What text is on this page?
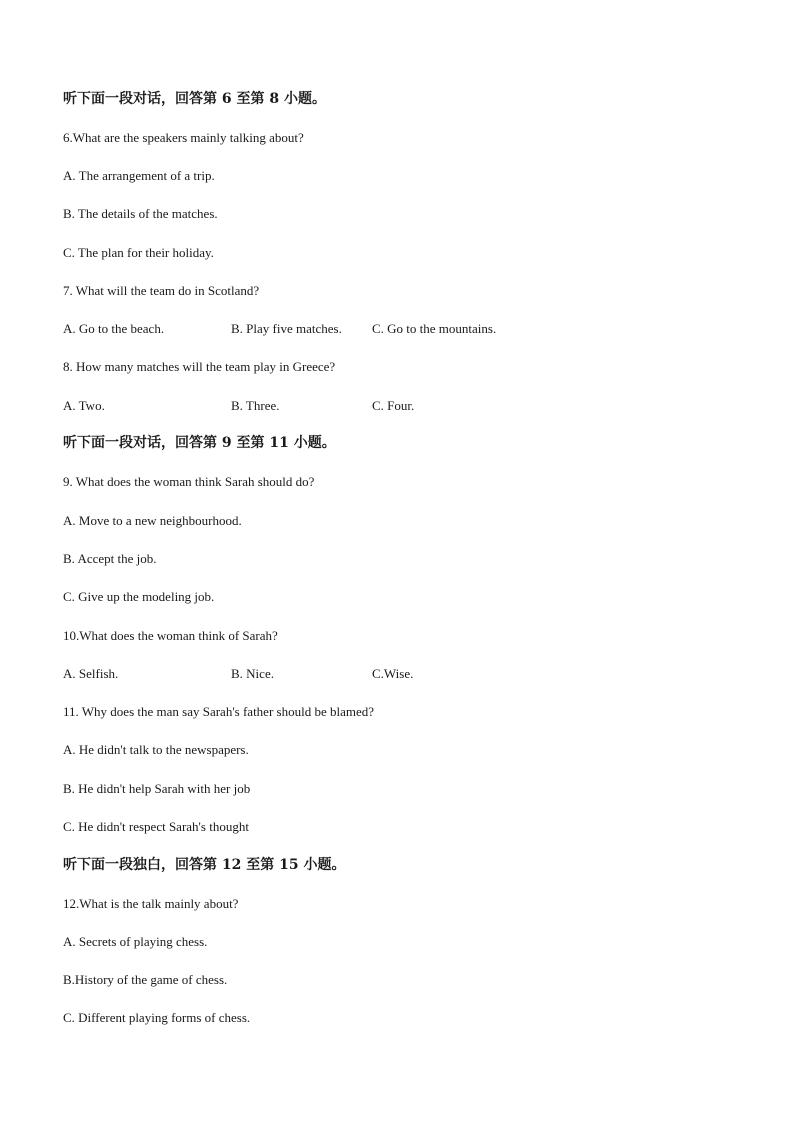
听下面一段对话，回答第 6 至第 8 小题。
6.What are the speakers mainly talking about?
A. The arrangement of a trip.
B. The details of the matches.
C. The plan for their holiday.
7. What will the team do in Scotland?
A. Go to the beach.	B. Play five matches. C. Go to the mountains.
8. How many matches will the team play in Greece?
A. Two.	B. Three.	C. Four.
听下面一段对话，回答第 9 至第 11 小题。
9. What does the woman think Sarah should do?
A. Move to a new neighbourhood.
B. Accept the job.
C. Give up the modeling job.
10.What does the woman think of Sarah?
A. Selfish.	B. Nice.	C.Wise.
11. Why does the man say Sarah's father should be blamed?
A. He didn't talk to the newspapers.
B. He didn't help Sarah with her job
C. He didn't respect Sarah's thought
听下面一段独白，回答第 12 至第 15 小题。
12.What is the talk mainly about?
A. Secrets of playing chess.
B.History of the game of chess.
C. Different playing forms of chess.
